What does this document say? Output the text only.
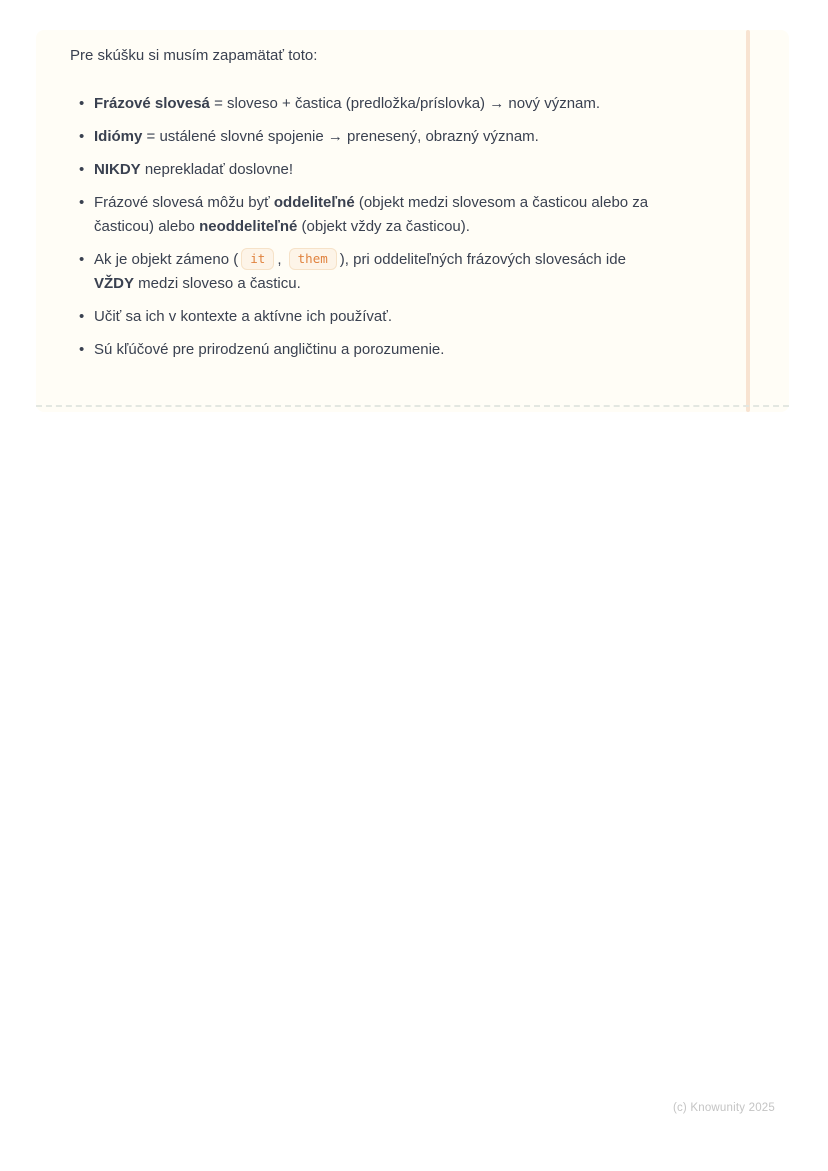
Pre skúšku si musím zapamätať toto:

• Frázové slovesá = sloveso + častica (predložka/príslovka) → nový význam.
• Idiómy = ustálené slovné spojenie → prenesený, obrazný význam.
• NIKDY neprekladať doslovne!
• Frázové slovesá môžu byť oddeliteľné (objekt medzi slovesom a časticou alebo za časticou) alebo neoddeliteľné (objekt vždy za časticou).
• Ak je objekt zámeno ( it , them ), pri oddeliteľných frázových slovesách ide VŽDY medzi sloveso a časticu.
• Učiť sa ich v kontexte a aktívne ich používať.
• Sú kľúčové pre prirodzenú angličtinu a porozumenie.
(c) Knowunity 2025
